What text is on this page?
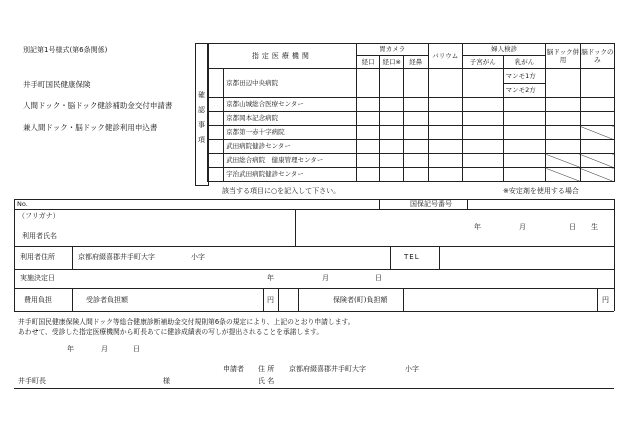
別記第1号様式(第6条関係)
井手町国民健康保険
人間ドック・脳ドック健診補助金交付申請書
兼人間ドック・脳ドック健診利用申込書
確認事項
指定医療機関		胃カメラ			バリウム	婦人検診		脳ドック併用	脳ドックのみ
		経口	経口※	経鼻		子宮がん	乳がん		
	京都田辺中央病院						マンモ1方		
							マンモ2方		
	京都山城総合医療センター								
	京都岡本記念病院								
	京都第一赤十字病院								
	武田病院健診センター								
	武田総合病院　健康管理センター								
	宇治武田病院健診センター								
該当する項目に○を記入して下さい。	※安定剤を使用する場合
No.	国保記号番号
（フリガナ）
利用者氏名
年	月	日 生
利用者住所	京都府綴喜郡井手町大字	小字	TEL
実施決定日	年	月	日
費用負担	受診者負担額	円	保険者(町)負担額	円
井手町国民健康保険人間ドック等総合健康診断補助金交付規則第6条の規定により、上記のとおり申請します。
あわせて、受診した指定医療機関から町長あてに健診成績表の写しが提出されることを承諾します。
年	月	日
申請者 住 所 京都府綴喜郡井手町大字	小字
井手町長	様	氏 名
